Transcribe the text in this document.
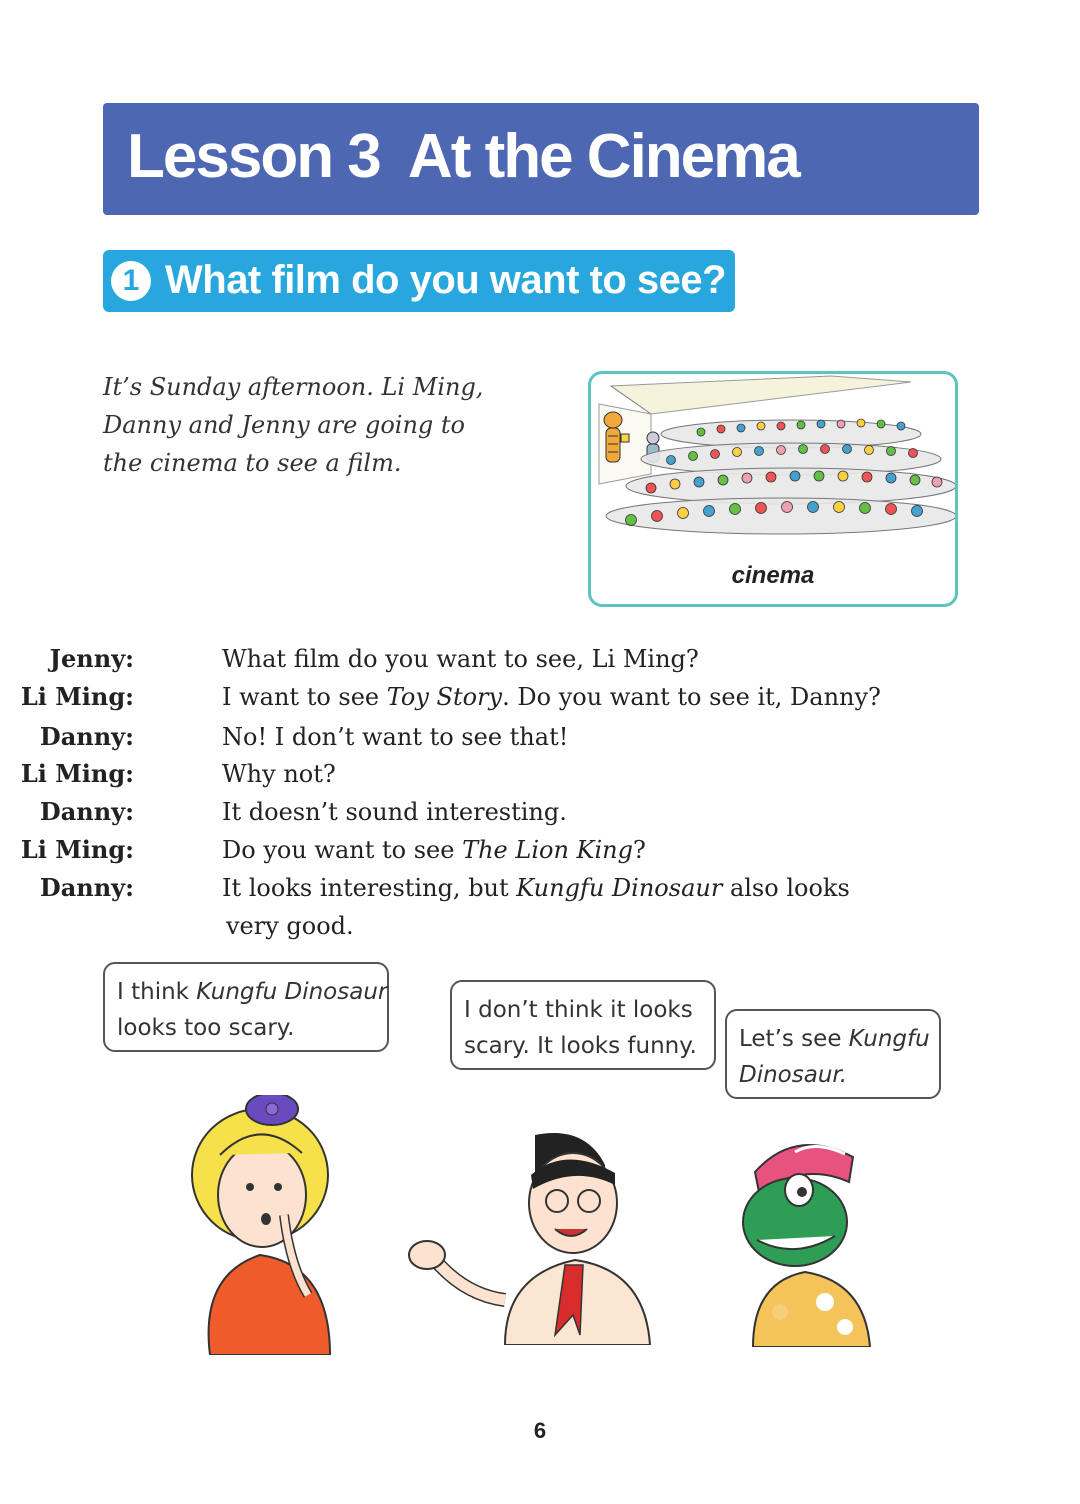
Lesson 3  At the Cinema
1 What film do you want to see?

It’s Sunday afternoon. Li Ming,
Danny and Jenny are going to
the cinema to see a film.

cinema
Jenny:	What film do you want to see, Li Ming?
Li Ming:	I want to see Toy Story. Do you want to see it, Danny?
Danny:	No! I don’t want to see that!
Li Ming:	Why not?
Danny:	It doesn’t sound interesting.
Li Ming:	Do you want to see The Lion King?
Danny:	It looks interesting, but Kungfu Dinosaur also looks
very good.
I think Kungfu Dinosaur
looks too scary.
I don’t think it looks
scary. It looks funny. Let’s see Kungfu
Dinosaur.
6
